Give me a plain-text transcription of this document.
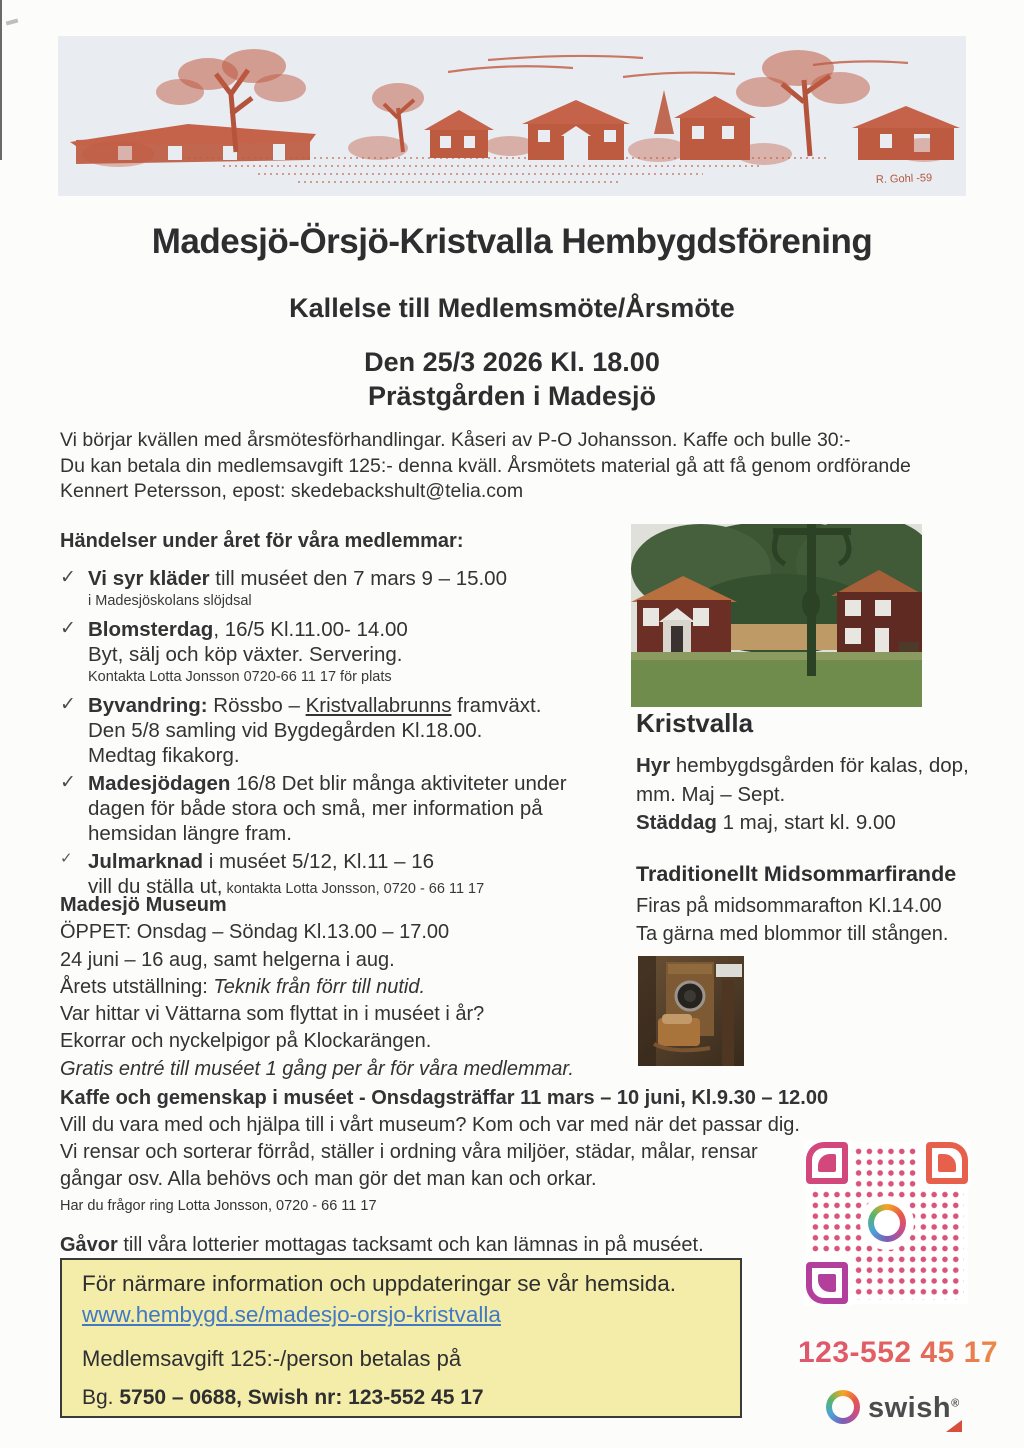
R. Gohl -59
Madesjö-Örsjö-Kristvalla Hembygdsförening
Kallelse till Medlemsmöte/Årsmöte
Den 25/3 2026 Kl. 18.00
Prästgården i Madesjö
Vi börjar kvällen med årsmötesförhandlingar. Kåseri av P-O Johansson. Kaffe och bulle 30:-
Du kan betala din medlemsavgift 125:- denna kväll. Årsmötets material gå att få genom ordförande
Kennert Petersson, epost: skedebackshult@telia.com
Händelser under året för våra medlemmar:
✓ Vi syr kläder till muséet den 7 mars 9 – 15.00
i Madesjöskolans slöjdsal
✓ Blomsterdag, 16/5 Kl.11.00- 14.00
Byt, sälj och köp växter. Servering.
Kontakta Lotta Jonsson 0720-66 11 17 för plats
✓ Byvandring: Rössbo – Kristvallabrunns framväxt.
Den 5/8 samling vid Bygdegården Kl.18.00.
Medtag fikakorg.
✓ Madesjödagen 16/8 Det blir många aktiviteter under dagen för både stora och små, mer information på hemsidan längre fram.
✓ Julmarknad i muséet 5/12, Kl.11 – 16
vill du ställa ut, kontakta Lotta Jonsson, 0720 - 66 11 17
Madesjö Museum
ÖPPET: Onsdag – Söndag Kl.13.00 – 17.00
24 juni – 16 aug, samt helgerna i aug.
Årets utställning: Teknik från förr till nutid.
Var hittar vi Vättarna som flyttat in i muséet i år?
Ekorrar och nyckelpigor på Klockarängen.
Gratis entré till muséet 1 gång per år för våra medlemmar.
Kristvalla
Hyr hembygdsgården för kalas, dop,
mm. Maj – Sept.
Städdag 1 maj, start kl. 9.00
Traditionellt Midsommarfirande
Firas på midsommarafton Kl.14.00
Ta gärna med blommor till stången.
Kaffe och gemenskap i muséet - Onsdagsträffar 11 mars – 10 juni, Kl.9.30 – 12.00
Vill du vara med och hjälpa till i vårt museum? Kom och var med när det passar dig.
Vi rensar och sorterar förråd, ställer i ordning våra miljöer, städar, målar, rensar
gångar osv. Alla behövs och man gör det man kan och orkar.
Har du frågor ring Lotta Jonsson, 0720 - 66 11 17
Gåvor till våra lotterier mottagas tacksamt och kan lämnas in på muséet.
För närmare information och uppdateringar se vår hemsida.
www.hembygd.se/madesjo-orsjo-kristvalla
Medlemsavgift 125:-/person betalas på
Bg. 5750 – 0688, Swish nr: 123-552 45 17
123-552 45 17
swish®
